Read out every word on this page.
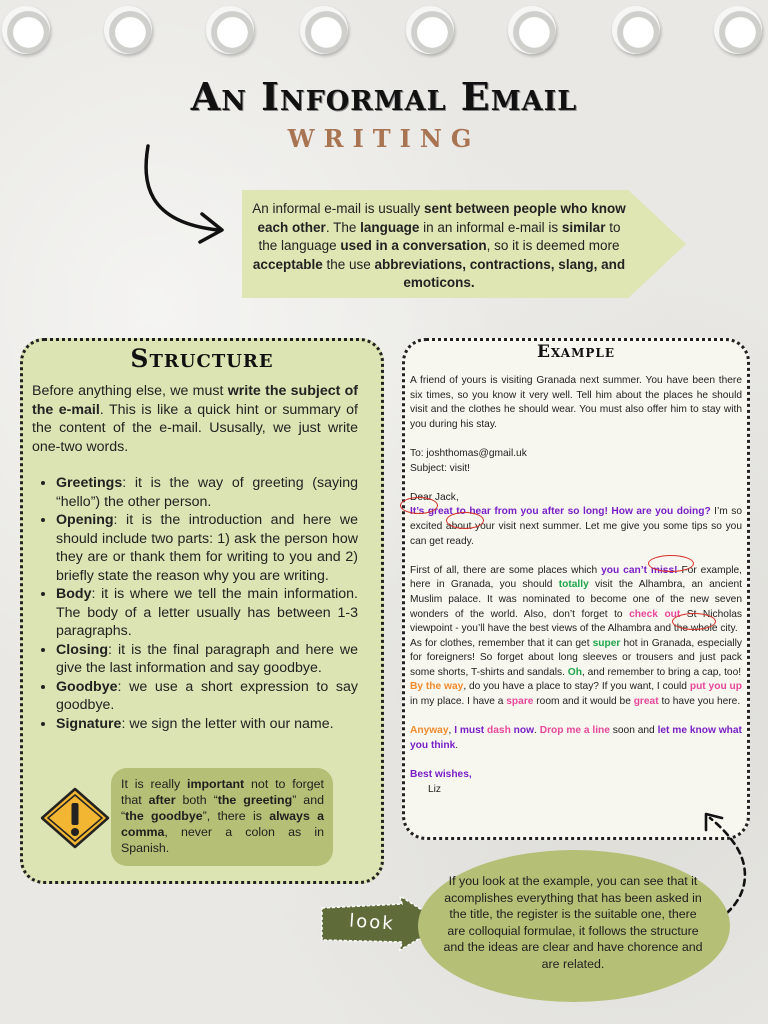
An Informal Email
WRITING

An informal e-mail is usually sent between people who know each other. The language in an informal e-mail is similar to the language used in a conversation, so it is deemed more acceptable the use abbreviations, contractions, slang, and emoticons.

Structure

Before anything else, we must write the subject of the e-mail. This is like a quick hint or summary of the content of the e-mail. Ususally, we just write one-two words.

• Greetings: it is the way of greeting (saying “hello”) the other person.
• Opening: it is the introduction and here we should include two parts: 1) ask the person how they are or thank them for writing to you and 2) briefly state the reason why you are writing.
• Body: it is where we tell the main information. The body of a letter usually has between 1-3 paragraphs.
• Closing: it is the final paragraph and here we give the last information and say goodbye.
• Goodbye: we use a short expression to say goodbye.
• Signature: we sign the letter with our name.

It is really important not to forget that after both “the greeting” and “the goodbye”, there is always a comma, never a colon as in Spanish.

Example

A friend of yours is visiting Granada next summer. You have been there six times, so you know it very well. Tell him about the places he should visit and the clothes he should wear. You must also offer him to stay with you during his stay.

To: joshthomas@gmail.uk

Subject: visit!

Dear Jack,

It’s great to hear from you after so long! How are you doing? I’m so excited about your visit next summer. Let me give you some tips so you can get ready.

First of all, there are some places which you can’t miss! For example, here in Granada, you should totally visit the Alhambra, an ancient Muslim palace. It was nominated to become one of the new seven wonders of the world. Also, don’t forget to check out St Nicholas viewpoint - you’ll have the best views of the Alhambra and the whole city.

As for clothes, remember that it can get super hot in Granada, especially for foreigners! So forget about long sleeves or trousers and just pack some shorts, T-shirts and sandals. Oh, and remember to bring a cap, too!

By the way, do you have a place to stay? If you want, I could put you up in my place. I have a spare room and it would be great to have you here.

Anyway, I must dash now. Drop me a line soon and let me know what you think.

Best wishes,

Liz

look

If you look at the example, you can see that it acomplishes everything that has been asked in the title, the register is the suitable one, there are colloquial formulae, it follows the structure and the ideas are clear and have chorence and are related.
